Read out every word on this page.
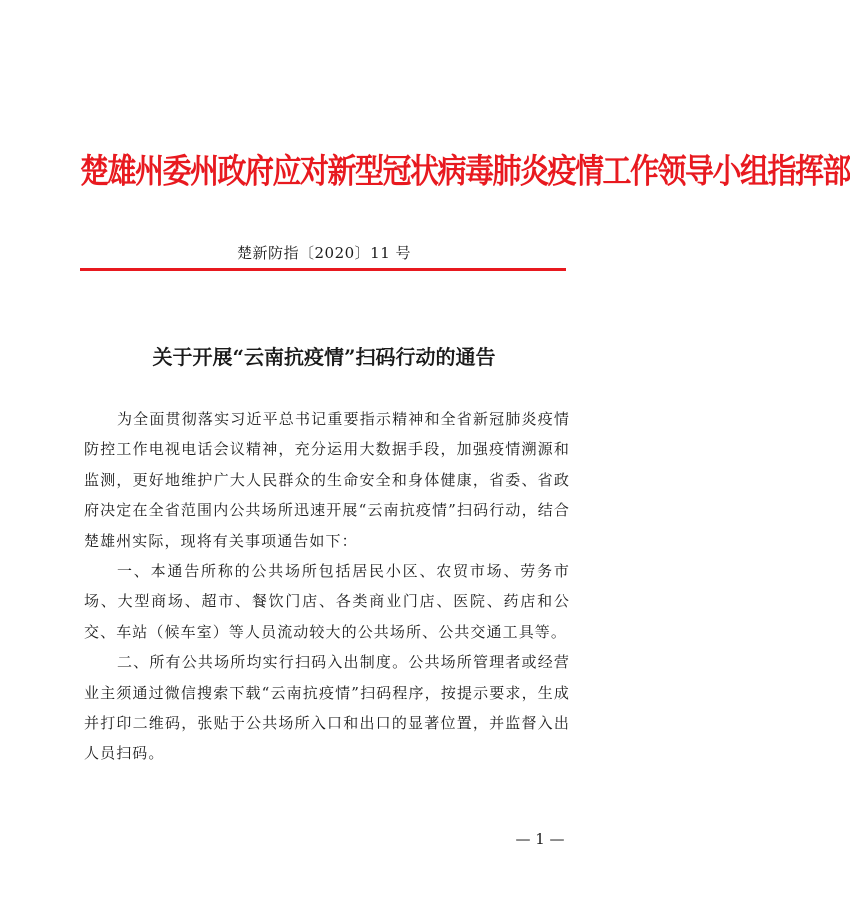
楚雄州委州政府应对新型冠状病毒肺炎疫情工作领导小组指挥部
楚新防指〔2020〕11 号
关于开展“云南抗疫情”扫码行动的通告

为全面贯彻落实习近平总书记重要指示精神和全省新冠肺炎疫情防控工作电视电话会议精神，充分运用大数据手段，加强疫情溯源和监测，更好地维护广大人民群众的生命安全和身体健康，省委、省政府决定在全省范围内公共场所迅速开展“云南抗疫情”扫码行动，结合楚雄州实际，现将有关事项通告如下：

一、本通告所称的公共场所包括居民小区、农贸市场、劳务市场、大型商场、超市、餐饮门店、各类商业门店、医院、药店和公交、车站（候车室）等人员流动较大的公共场所、公共交通工具等。

二、所有公共场所均实行扫码入出制度。公共场所管理者或经营业主须通过微信搜索下载“云南抗疫情”扫码程序，按提示要求，生成并打印二维码，张贴于公共场所入口和出口的显著位置，并监督入出人员扫码。

— 1 —
